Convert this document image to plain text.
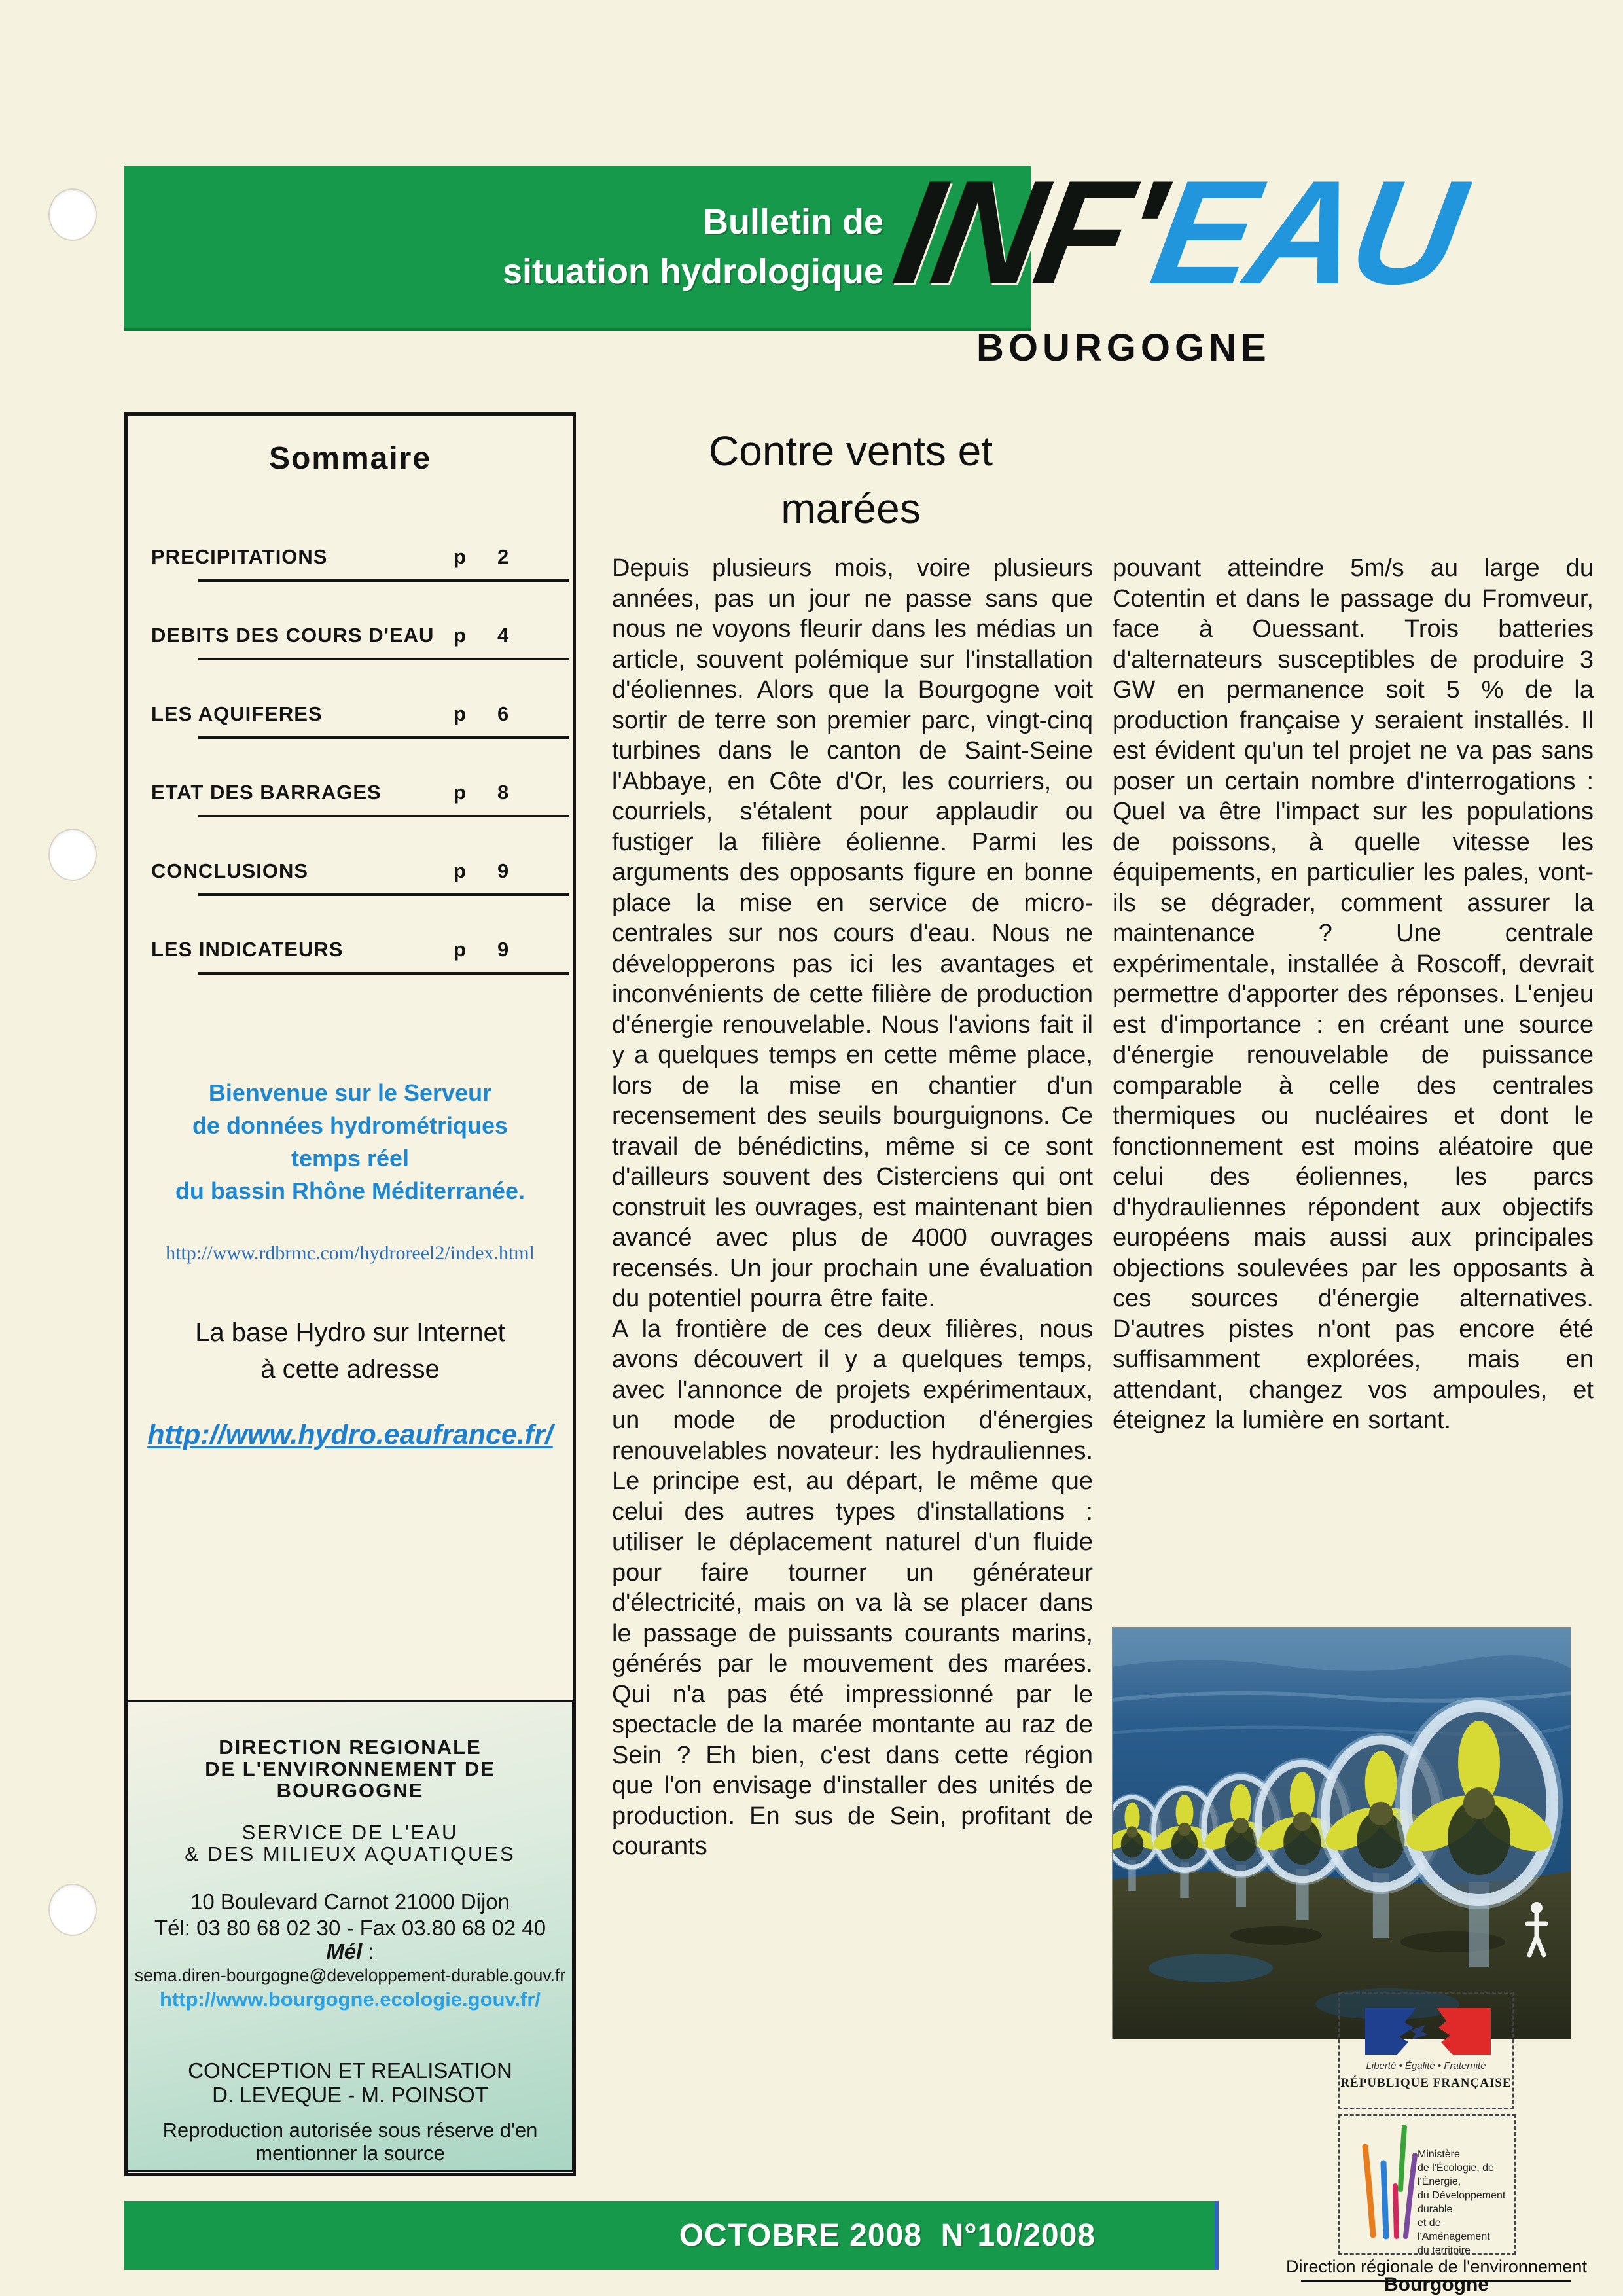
Bulletin de
situation hydrologique INF'EAU
BOURGOGNE
Sommaire
PRECIPITATIONS	p 2
DEBITS DES COURS D'EAU p 4
LES AQUIFERES	p 6
ETAT DES BARRAGES	p 8
CONCLUSIONS	p 9
LES INDICATEURS	p 9
Bienvenue sur le Serveur
de données hydrométriques
temps réel
du bassin Rhône Méditerranée.
http://www.rdbrmc.com/hydroreel2/index.html
La base Hydro sur Internet
à cette adresse
http://www.hydro.eaufrance.fr/
DIRECTION REGIONALE
DE L'ENVIRONNEMENT DE
BOURGOGNE
SERVICE DE L'EAU
& DES MILIEUX AQUATIQUES
10 Boulevard Carnot 21000 Dijon
Tél: 03 80 68 02 30 - Fax 03.80 68 02 40
Mél :
sema.diren-bourgogne@developpement-durable.gouv.fr
http://www.bourgogne.ecologie.gouv.fr/
CONCEPTION ET REALISATION
D. LEVEQUE - M. POINSOT
Reproduction autorisée sous réserve d'en
mentionner la source
Contre vents et
marées

Depuis plusieurs mois, voire plusieurs années, pas un jour ne passe sans que nous ne voyons fleurir dans les médias un article, souvent polémique sur l'installation d'éoliennes. Alors que la Bourgogne voit sortir de terre son premier parc, vingt-cinq turbines dans le canton de Saint-Seine l'Abbaye, en Côte d'Or, les courriers, ou courriels, s'étalent pour applaudir ou fustiger la filière éolienne. Parmi les arguments des opposants figure en bonne place la mise en service de micro-centrales sur nos cours d'eau. Nous ne développerons pas ici les avantages et inconvénients de cette filière de production d'énergie renouvelable. Nous l'avions fait il y a quelques temps en cette même place, lors de la mise en chantier d'un recensement des seuils bourguignons. Ce travail de bénédictins, même si ce sont d'ailleurs souvent des Cisterciens qui ont construit les ouvrages, est maintenant bien avancé avec plus de 4000 ouvrages recensés. Un jour prochain une évaluation du potentiel pourra être faite.

A la frontière de ces deux filières, nous avons découvert il y a quelques temps, avec l'annonce de projets expérimentaux, un mode de production d'énergies renouvelables novateur: les hydrauliennes. Le principe est, au départ, le même que celui des autres types d'installations : utiliser le déplacement naturel d'un fluide pour faire tourner un générateur d'électricité, mais on va là se placer dans le passage de puissants courants marins, générés par le mouvement des marées. Qui n'a pas été impressionné par le spectacle de la marée montante au raz de Sein ? Eh bien, c'est dans cette région que l'on envisage d'installer des unités de production. En sus de Sein, profitant de courants

pouvant atteindre 5m/s au large du Cotentin et dans le passage du Fromveur, face à Ouessant. Trois batteries d'alternateurs susceptibles de produire 3 GW en permanence soit 5 % de la production française y seraient installés. Il est évident qu'un tel projet ne va pas sans poser un certain nombre d'interrogations : Quel va être l'impact sur les populations de poissons, à quelle vitesse les équipements, en particulier les pales, vont-ils se dégrader, comment assurer la maintenance ? Une centrale expérimentale, installée à Roscoff, devrait permettre d'apporter des réponses. L'enjeu est d'importance : en créant une source d'énergie renouvelable de puissance comparable à celle des centrales thermiques ou nucléaires et dont le fonctionnement est moins aléatoire que celui des éoliennes, les parcs d'hydrauliennes répondent aux objectifs européens mais aussi aux principales objections soulevées par les opposants à ces sources d'énergie alternatives. D'autres pistes n'ont pas encore été suffisamment explorées, mais en attendant, changez vos ampoules, et éteignez la lumière en sortant.

OCTOBRE 2008  N°10/2008
Liberté • Égalité • Fraternité
RÉPUBLIQUE FRANÇAISE
Ministère
de l'Écologie, de l'Énergie,
du Développement durable
et de l'Aménagement
du territoire
Direction régionale de l'environnement
Bourgogne
